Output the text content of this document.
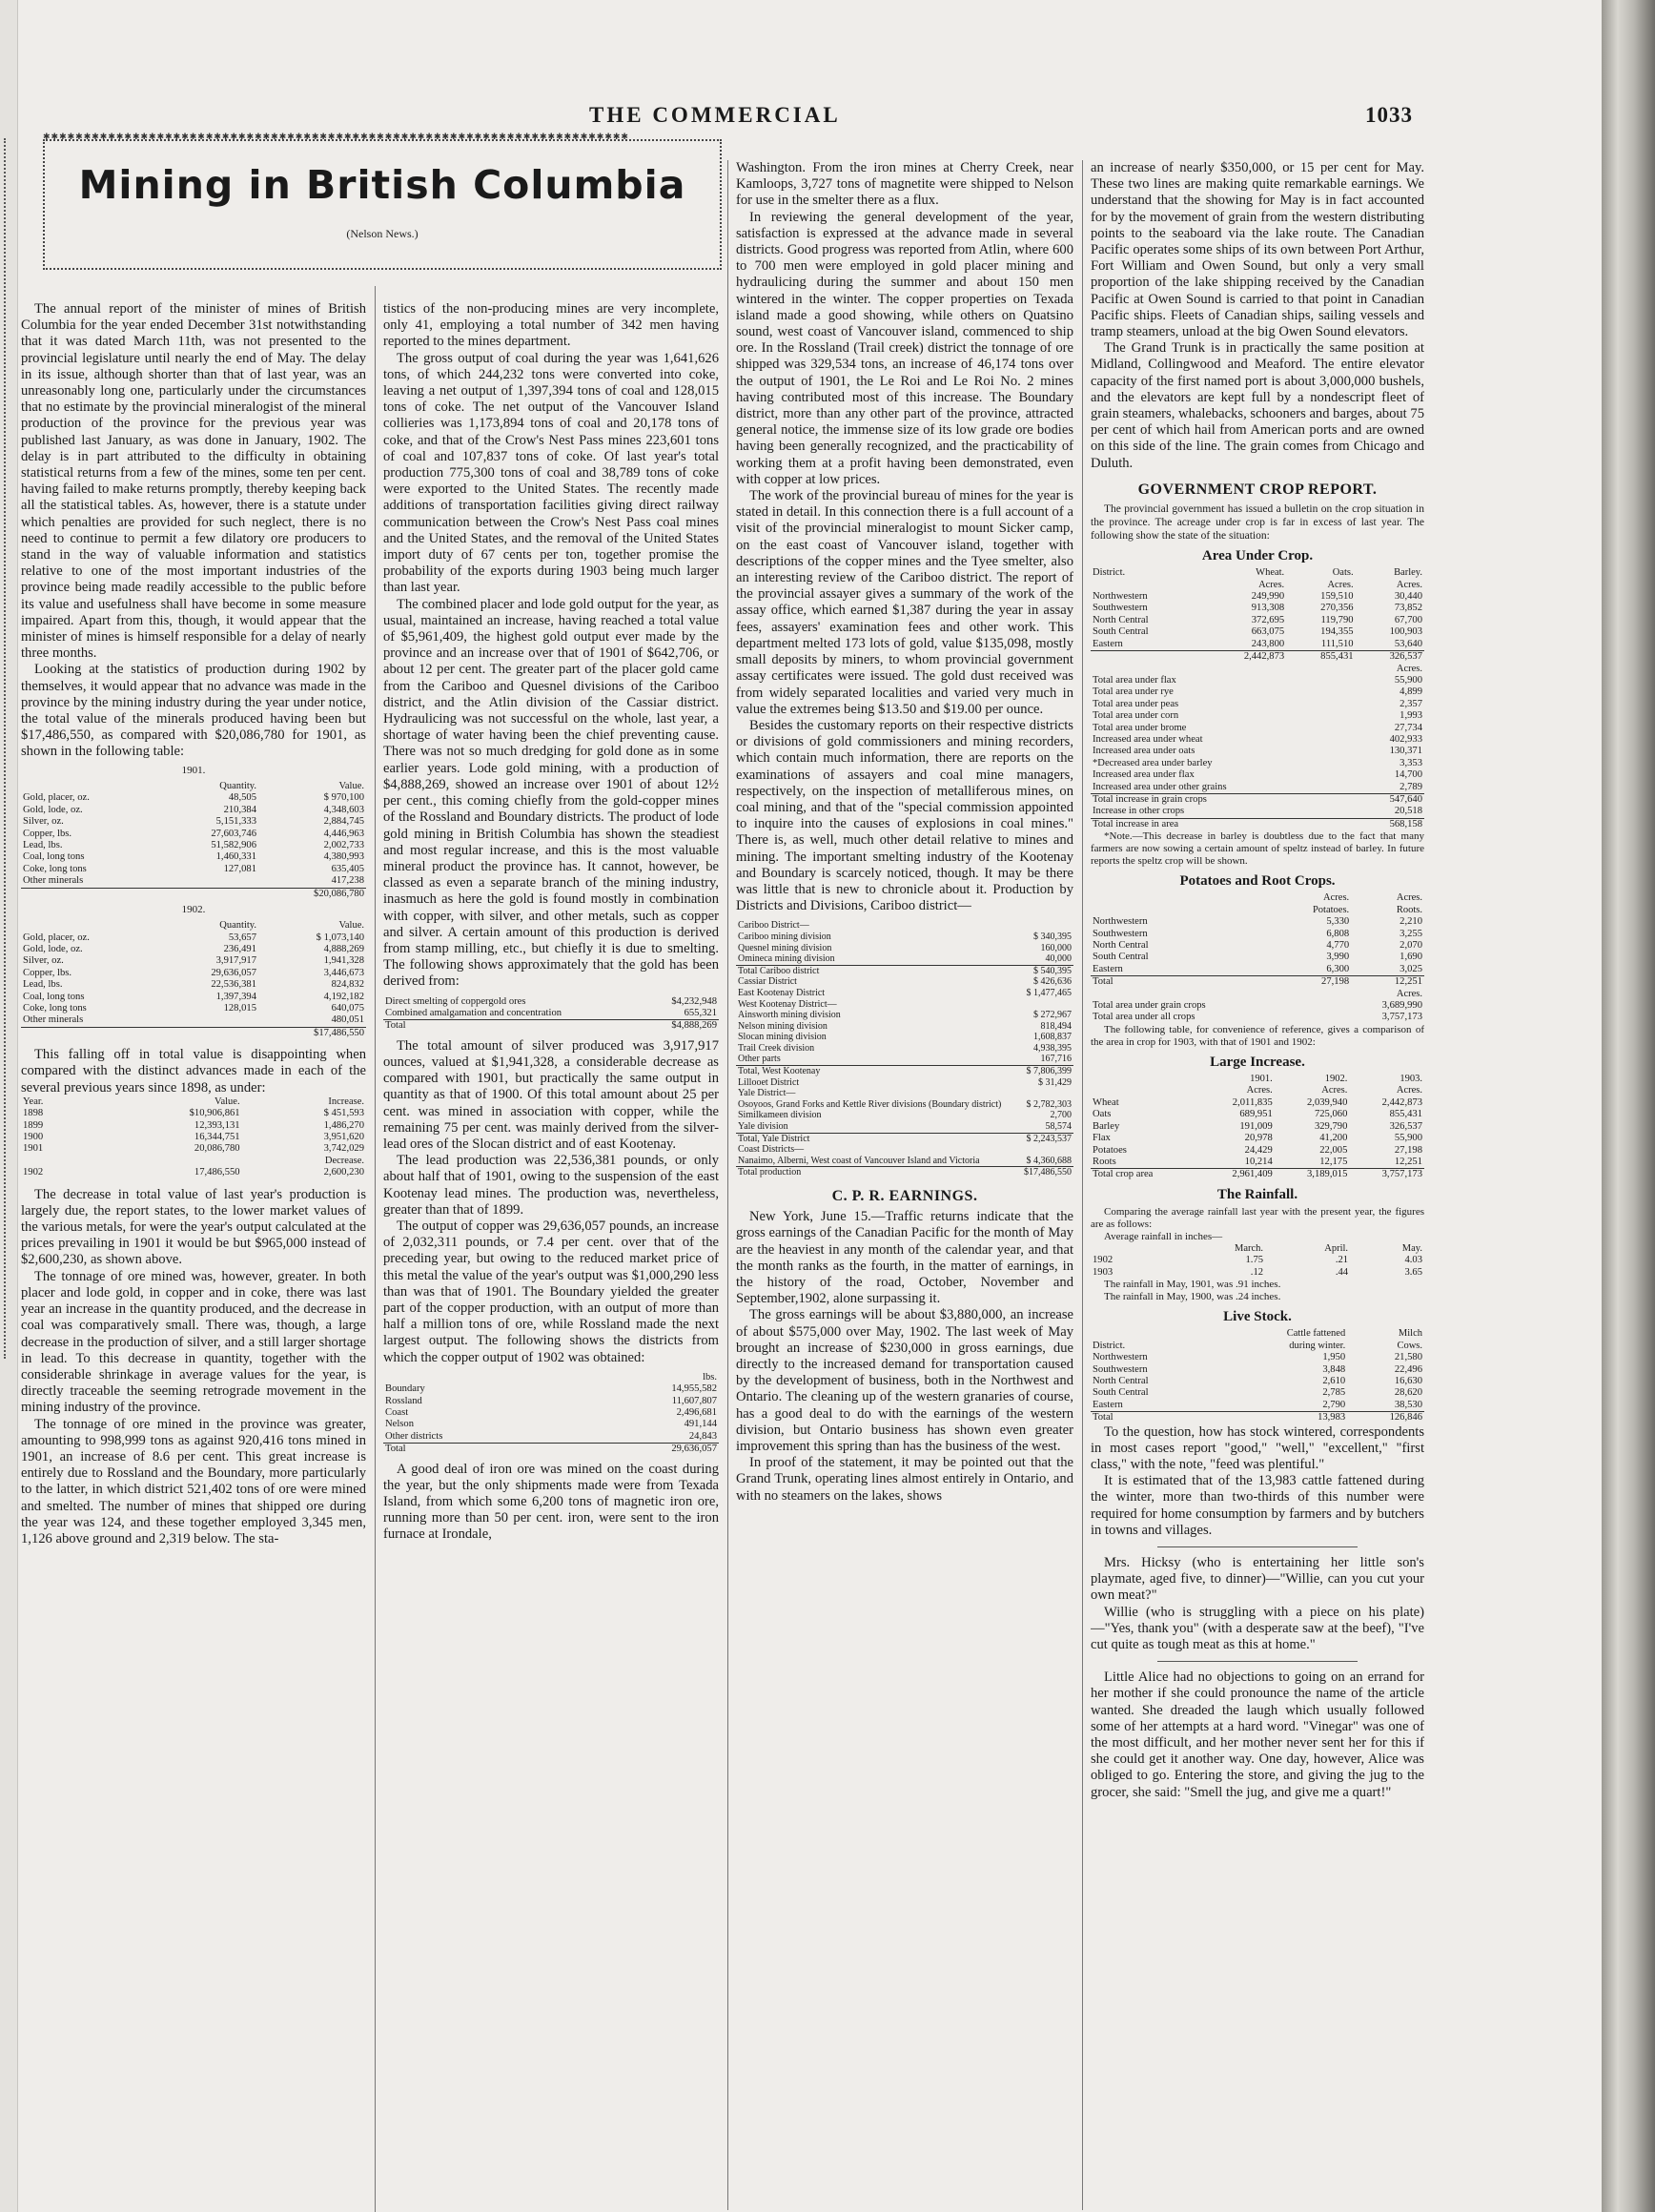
THE COMMERCIAL	1033
✱✱✱✱✱✱✱✱✱✱✱✱✱✱✱✱✱✱✱✱✱✱✱✱✱✱✱✱✱✱✱✱✱✱✱✱✱✱✱✱✱✱✱✱✱✱✱✱✱✱✱✱✱✱✱✱✱✱✱✱✱✱✱✱✱✱✱✱✱✱✱✱
Mining in British Columbia
(Nelson News.)

The annual report of the minister of mines of British Columbia for the year ended December 31st notwithstanding that it was dated March 11th, was not presented to the provincial legislature until nearly the end of May. The delay in its issue, although shorter than that of last year, was an unreasonably long one, particularly under the circumstances that no estimate by the provincial mineralogist of the mineral production of the province for the previous year was published last January, as was done in January, 1902. The delay is in part attributed to the difficulty in obtaining statistical returns from a few of the mines, some ten per cent. having failed to make returns promptly, thereby keeping back all the statistical tables. As, however, there is a statute under which penalties are provided for such neglect, there is no need to continue to permit a few dilatory ore producers to stand in the way of valuable information and statistics relative to one of the most important industries of the province being made readily accessible to the public before its value and usefulness shall have become in some measure impaired. Apart from this, though, it would appear that the minister of mines is himself responsible for a delay of nearly three months.

Looking at the statistics of production during 1902 by themselves, it would appear that no advance was made in the province by the mining industry during the year under notice, the total value of the minerals produced having been but $17,486,550, as compared with $20,086,780 for 1901, as shown in the following table:

1901.
	Quantity.	Value.
Gold, placer, oz.	48,505	$ 970,100
Gold, lode, oz.	210,384	4,348,603
Silver, oz.	5,151,333	2,884,745
Copper, lbs.	27,603,746	4,446,963
Lead, lbs.	51,582,906	2,002,733
Coal, long tons	1,460,331	4,380,993
Coke, long tons	127,081	635,405
Other minerals		417,238
		$20,086,780
1902.
	Quantity.	Value.
Gold, placer, oz.	53,657	$ 1,073,140
Gold, lode, oz.	236,491	4,888,269
Silver, oz.	3,917,917	1,941,328
Copper, lbs.	29,636,057	3,446,673
Lead, lbs.	22,536,381	824,832
Coal, long tons	1,397,394	4,192,182
Coke, long tons	128,015	640,075
Other minerals		480,051
		$17,486,550

This falling off in total value is disappointing when compared with the distinct advances made in each of the several previous years since 1898, as under:

Year.	Value.	Increase.
1898	$10,906,861	$ 451,593
1899	12,393,131	1,486,270
1900	16,344,751	3,951,620
1901	20,086,780	3,742,029
		Decrease.
1902	17,486,550	2,600,230

The decrease in total value of last year's production is largely due, the report states, to the lower market values of the various metals, for were the year's output calculated at the prices prevailing in 1901 it would be but $965,000 instead of $2,600,230, as shown above.

The tonnage of ore mined was, however, greater. In both placer and lode gold, in copper and in coke, there was last year an increase in the quantity produced, and the decrease in coal was comparatively small. There was, though, a large decrease in the production of silver, and a still larger shortage in lead. To this decrease in quantity, together with the considerable shrinkage in average values for the year, is directly traceable the seeming retrograde movement in the mining industry of the province.

The tonnage of ore mined in the province was greater, amounting to 998,999 tons as against 920,416 tons mined in 1901, an increase of 8.6 per cent. This great increase is entirely due to Rossland and the Boundary, more particularly to the latter, in which district 521,402 tons of ore were mined and smelted. The number of mines that shipped ore during the year was 124, and these together employed 3,345 men, 1,126 above ground and 2,319 below. The sta-

tistics of the non-producing mines are very incomplete, only 41, employing a total number of 342 men having reported to the mines department.

The gross output of coal during the year was 1,641,626 tons, of which 244,232 tons were converted into coke, leaving a net output of 1,397,394 tons of coal and 128,015 tons of coke. The net output of the Vancouver Island collieries was 1,173,894 tons of coal and 20,178 tons of coke, and that of the Crow's Nest Pass mines 223,601 tons of coal and 107,837 tons of coke. Of last year's total production 775,300 tons of coal and 38,789 tons of coke were exported to the United States. The recently made additions of transportation facilities giving direct railway communication between the Crow's Nest Pass coal mines and the United States, and the removal of the United States import duty of 67 cents per ton, together promise the probability of the exports during 1903 being much larger than last year.

The combined placer and lode gold output for the year, as usual, maintained an increase, having reached a total value of $5,961,409, the highest gold output ever made by the province and an increase over that of 1901 of $642,706, or about 12 per cent. The greater part of the placer gold came from the Cariboo and Quesnel divisions of the Cariboo district, and the Atlin division of the Cassiar district. Hydraulicing was not successful on the whole, last year, a shortage of water having been the chief preventing cause. There was not so much dredging for gold done as in some earlier years. Lode gold mining, with a production of $4,888,269, showed an increase over 1901 of about 12½ per cent., this coming chiefly from the gold-copper mines of the Rossland and Boundary districts. The product of lode gold mining in British Columbia has shown the steadiest and most regular increase, and this is the most valuable mineral product the province has. It cannot, however, be classed as even a separate branch of the mining industry, inasmuch as here the gold is found mostly in combination with copper, with silver, and other metals, such as copper and silver. A certain amount of this production is derived from stamp milling, etc., but chiefly it is due to smelting. The following shows approximately that the gold has been derived from:

Direct smelting of coppergold ores	$4,232,948
Combined amalgamation and concentration	655,321
Total	$4,888,269

The total amount of silver produced was 3,917,917 ounces, valued at $1,941,328, a considerable decrease as compared with 1901, but practically the same output in quantity as that of 1900. Of this total amount about 25 per cent. was mined in association with copper, while the remaining 75 per cent. was mainly derived from the silver-lead ores of the Slocan district and of east Kootenay.

The lead production was 22,536,381 pounds, or only about half that of 1901, owing to the suspension of the east Kootenay lead mines. The production was, nevertheless, greater than that of 1899.

The output of copper was 29,636,057 pounds, an increase of 2,032,311 pounds, or 7.4 per cent. over that of the preceding year, but owing to the reduced market price of this metal the value of the year's output was $1,000,290 less than was that of 1901. The Boundary yielded the greater part of the copper production, with an output of more than half a million tons of ore, while Rossland made the next largest output. The following shows the districts from which the copper output of 1902 was obtained:

	lbs.
Boundary	14,955,582
Rossland	11,607,807
Coast	2,496,681
Nelson	491,144
Other districts	24,843
Total	29,636,057

A good deal of iron ore was mined on the coast during the year, but the only shipments made were from Texada Island, from which some 6,200 tons of magnetic iron ore, running more than 50 per cent. iron, were sent to the iron furnace at Irondale,

Washington. From the iron mines at Cherry Creek, near Kamloops, 3,727 tons of magnetite were shipped to Nelson for use in the smelter there as a flux.

In reviewing the general development of the year, satisfaction is expressed at the advance made in several districts. Good progress was reported from Atlin, where 600 to 700 men were employed in gold placer mining and hydraulicing during the summer and about 150 men wintered in the winter. The copper properties on Texada island made a good showing, while others on Quatsino sound, west coast of Vancouver island, commenced to ship ore. In the Rossland (Trail creek) district the tonnage of ore shipped was 329,534 tons, an increase of 46,174 tons over the output of 1901, the Le Roi and Le Roi No. 2 mines having contributed most of this increase. The Boundary district, more than any other part of the province, attracted general notice, the immense size of its low grade ore bodies having been generally recognized, and the practicability of working them at a profit having been demonstrated, even with copper at low prices.

The work of the provincial bureau of mines for the year is stated in detail. In this connection there is a full account of a visit of the provincial mineralogist to mount Sicker camp, on the east coast of Vancouver island, together with descriptions of the copper mines and the Tyee smelter, also an interesting review of the Cariboo district. The report of the provincial assayer gives a summary of the work of the assay office, which earned $1,387 during the year in assay fees, assayers' examination fees and other work. This department melted 173 lots of gold, value $135,098, mostly small deposits by miners, to whom provincial government assay certificates were issued. The gold dust received was from widely separated localities and varied very much in value the extremes being $13.50 and $19.00 per ounce.

Besides the customary reports on their respective districts or divisions of gold commissioners and mining recorders, which contain much information, there are reports on the examinations of assayers and coal mine managers, respectively, on the inspection of metalliferous mines, on coal mining, and that of the "special commission appointed to inquire into the causes of explosions in coal mines." There is, as well, much other detail relative to mines and mining. The important smelting industry of the Kootenay and Boundary is scarcely noticed, though. It may be there was little that is new to chronicle about it. Production by Districts and Divisions, Cariboo district—

Cariboo District—	
Cariboo mining division	$ 340,395
Quesnel mining division	160,000
Omineca mining division	40,000
Total Cariboo district	$ 540,395
Cassiar District	$ 426,636
East Kootenay District	$ 1,477,465
West Kootenay District—	
Ainsworth mining division	$ 272,967
Nelson mining division	818,494
Slocan mining division	1,608,837
Trail Creek division	4,938,395
Other parts	167,716
Total, West Kootenay	$ 7,806,399
Lillooet District	$ 31,429
Yale District—	
Osoyoos, Grand Forks and Kettle River divisions (Boundary district)	$ 2,782,303
Similkameen division	2,700
Yale division	58,574
Total, Yale District	$ 2,243,537
Coast Districts—	
Nanaimo, Alberni, West coast of Vancouver Island and Victoria	$ 4,360,688
Total production	$17,486,550
C. P. R. EARNINGS.

New York, June 15.—Traffic returns indicate that the gross earnings of the Canadian Pacific for the month of May are the heaviest in any month of the calendar year, and that the month ranks as the fourth, in the matter of earnings, in the history of the road, October, November and September,1902, alone surpassing it.

The gross earnings will be about $3,880,000, an increase of about $575,000 over May, 1902. The last week of May brought an increase of $230,000 in gross earnings, due directly to the increased demand for transportation caused by the development of business, both in the Northwest and Ontario. The cleaning up of the western granaries of course, has a good deal to do with the earnings of the western division, but Ontario business has shown even greater improvement this spring than has the business of the west.

In proof of the statement, it may be pointed out that the Grand Trunk, operating lines almost entirely in Ontario, and with no steamers on the lakes, shows

an increase of nearly $350,000, or 15 per cent for May. These two lines are making quite remarkable earnings. We understand that the showing for May is in fact accounted for by the movement of grain from the western distributing points to the seaboard via the lake route. The Canadian Pacific operates some ships of its own between Port Arthur, Fort William and Owen Sound, but only a very small proportion of the lake shipping received by the Canadian Pacific at Owen Sound is carried to that point in Canadian Pacific ships. Fleets of Canadian ships, sailing vessels and tramp steamers, unload at the big Owen Sound elevators.

The Grand Trunk is in practically the same position at Midland, Collingwood and Meaford. The entire elevator capacity of the first named port is about 3,000,000 bushels, and the elevators are kept full by a nondescript fleet of grain steamers, whalebacks, schooners and barges, about 75 per cent of which hail from American ports and are owned on this side of the line. The grain comes from Chicago and Duluth.

GOVERNMENT CROP REPORT.

The provincial government has issued a bulletin on the crop situation in the province. The acreage under crop is far in excess of last year. The following show the state of the situation:

Area Under Crop.
District.	Wheat.	Oats.	Barley.
	Acres.	Acres.	Acres.
Northwestern	249,990	159,510	30,440
Southwestern	913,308	270,356	73,852
North Central	372,695	119,790	67,700
South Central	663,075	194,355	100,903
Eastern	243,800	111,510	53,640
	2,442,873	855,431	326,537
			Acres.
Total area under flax	55,900
Total area under rye	4,899
Total area under peas	2,357
Total area under corn	1,993
Total area under brome	27,734
Increased area under wheat	402,933
Increased area under oats	130,371
*Decreased area under barley	3,353
Increased area under flax	14,700
Increased area under other grains	2,789
Total increase in grain crops	547,640
Increase in other crops	20,518
Total increase in area	568,158

*Note.—This decrease in barley is doubtless due to the fact that many farmers are now sowing a certain amount of speltz instead of barley. In future reports the speltz crop will be shown.

Potatoes and Root Crops.
	Acres.	Acres.
	Potatoes.	Roots.
Northwestern	5,330	2,210
Southwestern	6,808	3,255
North Central	4,770	2,070
South Central	3,990	1,690
Eastern	6,300	3,025
Total	27,198	12,251
		Acres.
Total area under grain crops		3,689,990
Total area under all crops		3,757,173

The following table, for convenience of reference, gives a comparison of the area in crop for 1903, with that of 1901 and 1902:

Large Increase.
	1901.	1902.	1903.
	Acres.	Acres.	Acres.
Wheat	2,011,835	2,039,940	2,442,873
Oats	689,951	725,060	855,431
Barley	191,009	329,790	326,537
Flax	20,978	41,200	55,900
Potatoes	24,429	22,005	27,198
Roots	10,214	12,175	12,251
Total crop area	2,961,409	3,189,015	3,757,173
The Rainfall.

Comparing the average rainfall last year with the present year, the figures are as follows:

Average rainfall in inches—

	March.	April.	May.
1902	1.75	.21	4.03
1903	.12	.44	3.65

The rainfall in May, 1901, was .91 inches.

The rainfall in May, 1900, was .24 inches.

Live Stock.
	Cattle fattened	Milch
District.	during winter.	Cows.
Northwestern	1,950	21,580
Southwestern	3,848	22,496
North Central	2,610	16,630
South Central	2,785	28,620
Eastern	2,790	38,530
Total	13,983	126,846

To the question, how has stock wintered, correspondents in most cases report "good," "well," "excellent," "first class," with the note, "feed was plentiful."

It is estimated that of the 13,983 cattle fattened during the winter, more than two-thirds of this number were required for home consumption by farmers and by butchers in towns and villages.

Mrs. Hicksy (who is entertaining her little son's playmate, aged five, to dinner)—"Willie, can you cut your own meat?"

Willie (who is struggling with a piece on his plate)—"Yes, thank you" (with a desperate saw at the beef), "I've cut quite as tough meat as this at home."

Little Alice had no objections to going on an errand for her mother if she could pronounce the name of the article wanted. She dreaded the laugh which usually followed some of her attempts at a hard word. "Vinegar" was one of the most difficult, and her mother never sent her for this if she could get it another way. One day, however, Alice was obliged to go. Entering the store, and giving the jug to the grocer, she said: "Smell the jug, and give me a quart!"
